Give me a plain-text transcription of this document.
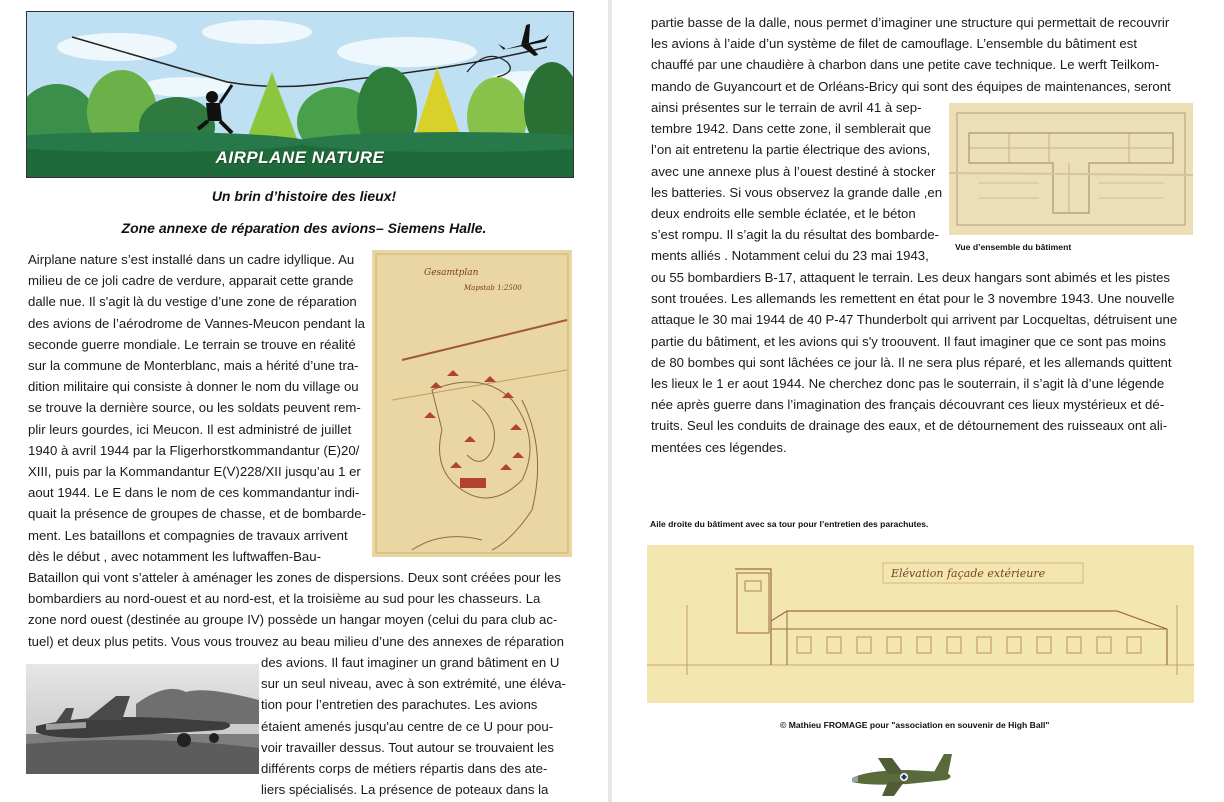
AIRPLANE NATURE
Un brin d’histoire des lieux!
Zone annexe de réparation des avions– Siemens Halle.

Airplane nature s’est installé dans un cadre idyllique. Au

milieu de ce joli cadre de verdure, apparait cette grande

dalle nue. Il s'agit là du vestige d’une zone de réparation

des avions de l’aérodrome de Vannes-Meucon pendant la

seconde guerre mondiale. Le terrain se trouve en réalité

sur la commune de Monterblanc, mais a hérité d’une tra-

dition militaire qui consiste à donner le nom du village ou

se trouve la dernière source, ou les soldats peuvent rem-

plir leurs gourdes, ici Meucon. Il est administré de juillet

1940 à avril 1944 par la Fligerhorstkommandantur (E)20/

XIII, puis par la Kommandantur E(V)228/XII jusqu’au 1 er

aout 1944. Le E dans le nom de ces kommandantur indi-

quait la présence de groupes de chasse, et de bombarde-

ment. Les bataillons et compagnies de travaux arrivent

dès le début , avec notamment les luftwaffen-Bau-

Gesamtplan
Mapstab 1:2500

Bataillon qui vont s’atteler à aménager les zones de dispersions. Deux sont créées pour les

bombardiers au nord-ouest et au nord-est, et la troisième au sud pour les chasseurs. La

zone nord ouest (destinée au groupe IV) possède un hangar moyen (celui du para club ac-

tuel) et deux plus petits. Vous vous trouvez au beau milieu d’une des annexes de réparation

des avions. Il faut imaginer un grand bâtiment en U

sur un seul niveau, avec à son extrémité, une éléva-

tion pour l’entretien des parachutes. Les avions

étaient amenés jusqu'au centre de ce U pour pou-

voir travailler dessus. Tout autour se trouvaient les

différents corps de métiers répartis dans des ate-

liers spécialisés. La présence de poteaux dans la

partie basse de la dalle, nous permet d’imaginer une structure qui permettait de recouvrir

les avions à l’aide d’un système de filet de camouflage. L’ensemble du bâtiment est

chauffé par une chaudière à charbon dans une petite cave technique. Le werft Teilkom-

mando de Guyancourt et de Orléans-Bricy qui sont des équipes de maintenances, seront

ainsi présentes sur le terrain de avril 41 à sep-

tembre 1942. Dans cette zone, il semblerait que

l’on ait entretenu la partie électrique des avions,

avec une annexe plus à l’ouest destiné à stocker

les batteries. Si vous observez la grande dalle ,en

deux endroits elle semble éclatée, et le béton

s’est rompu. Il s’agit la du résultat des bombarde-

ments alliés . Notamment celui du 23 mai 1943,

Vue d’ensemble du bâtiment

ou 55 bombardiers B-17, attaquent le terrain. Les deux hangars sont abimés et les pistes

sont trouées. Les allemands les remettent en état pour le 3 novembre 1943. Une nouvelle

attaque le 30 mai 1944 de 40 P-47 Thunderbolt qui arrivent par Locqueltas, détruisent une

partie du bâtiment, et les avions qui s'y troouvent. Il faut imaginer que ce sont pas moins

de 80 bombes qui sont lâchées ce jour là. Il ne sera plus réparé, et les allemands quittent

les lieux le 1 er aout 1944. Ne cherchez donc pas le souterrain, il s’agit là d’une légende

née après guerre dans l’imagination des français découvrant ces lieux mystérieux et dé-

truits. Seul les conduits de drainage des eaux, et de détournement des ruisseaux ont ali-

mentées ces légendes.

Aile droite du bâtiment avec sa tour pour l’entretien des parachutes.
Elévation façade extérieure
© Mathieu FROMAGE pour "association en souvenir de High Ball"
